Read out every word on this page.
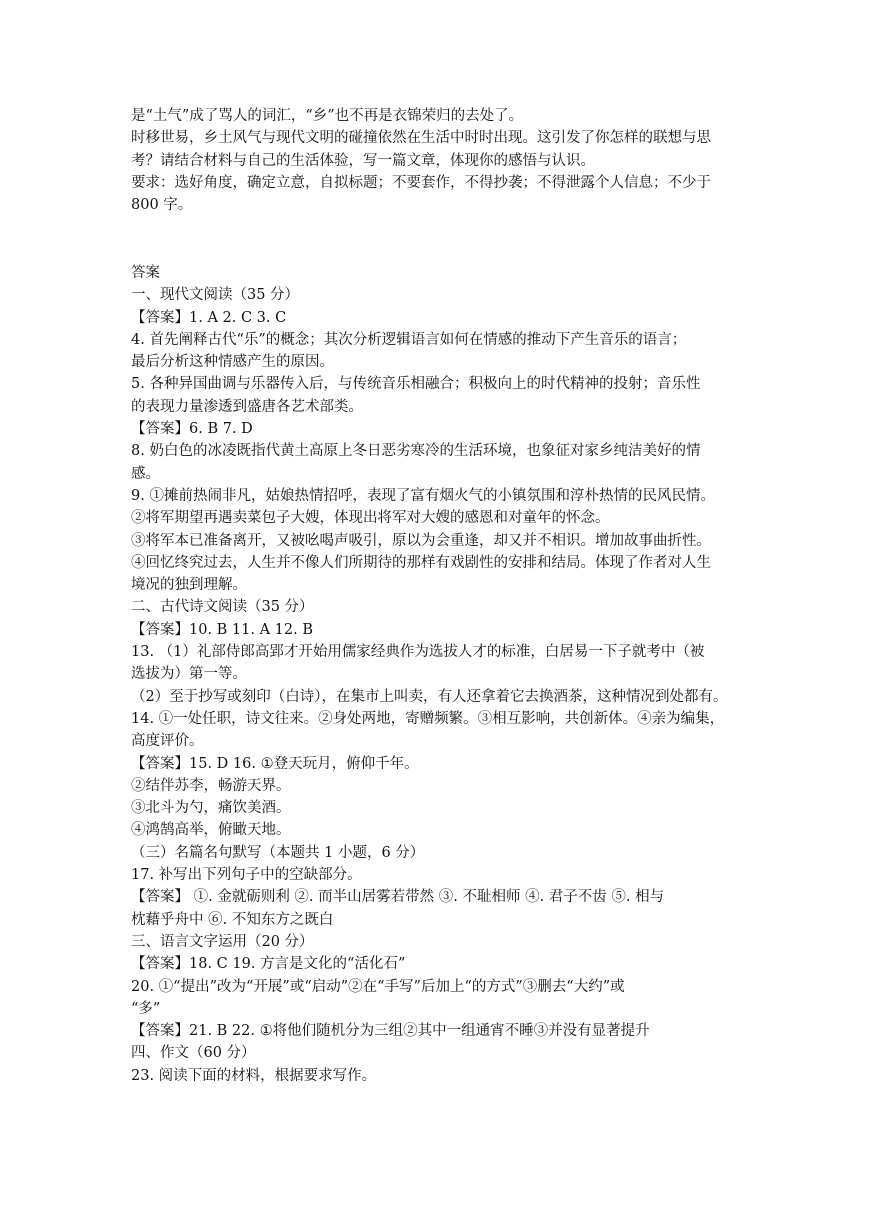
是“土气”成了骂人的词汇，“乡”也不再是衣锦荣归的去处了。
时移世易，乡土风气与现代文明的碰撞依然在生活中时时出现。这引发了你怎样的联想与思
考？请结合材料与自己的生活体验，写一篇文章，体现你的感悟与认识。
要求：选好角度，确定立意，自拟标题；不要套作，不得抄袭；不得泄露个人信息；不少于
800 字。
答案
一、现代文阅读（35 分）
【答案】1. A 2. C 3. C
4. 首先阐释古代“乐”的概念；其次分析逻辑语言如何在情感的推动下产生音乐的语言；
最后分析这种情感产生的原因。
5. 各种异国曲调与乐器传入后，与传统音乐相融合；积极向上的时代精神的投射；音乐性
的表现力量渗透到盛唐各艺术部类。
【答案】6. B 7. D
8. 奶白色的冰凌既指代黄土高原上冬日恶劣寒冷的生活环境，也象征对家乡纯洁美好的情
感。
9. ①摊前热闹非凡，姑娘热情招呼，表现了富有烟火气的小镇氛围和淳朴热情的民风民情。
②将军期望再遇卖菜包子大嫂，体现出将军对大嫂的感恩和对童年的怀念。
③将军本已准备离开，又被吆喝声吸引，原以为会重逢，却又并不相识。增加故事曲折性。
④回忆终究过去，人生并不像人们所期待的那样有戏剧性的安排和结局。体现了作者对人生
境况的独到理解。
二、古代诗文阅读（35 分）
【答案】10. B 11. A 12. B
13. （1）礼部侍郎高郢才开始用儒家经典作为选拔人才的标准，白居易一下子就考中（被
选拔为）第一等。
（2）至于抄写或刻印（白诗），在集市上叫卖，有人还拿着它去换酒茶，这种情况到处都有。
14. ①一处任职，诗文往来。②身处两地，寄赠频繁。③相互影响，共创新体。④亲为编集，
高度评价。
【答案】15. D 16. ①登天玩月，俯仰千年。
②结伴苏李，畅游天界。
③北斗为勺，痛饮美酒。
④鸿鹄高举，俯瞰天地。
（三）名篇名句默写（本题共 1 小题，6 分）
17. 补写出下列句子中的空缺部分。
【答案】 ①. 金就砺则利 ②. 而半山居雾若带然 ③. 不耻相师 ④. 君子不齿 ⑤. 相与
枕藉乎舟中 ⑥. 不知东方之既白
三、语言文字运用（20 分）
【答案】18. C 19. 方言是文化的“活化石”
20. ①“提出”改为“开展”或“启动”②在“手写”后加上“的方式”③删去“大约”或
“多”
【答案】21. B 22. ①将他们随机分为三组②其中一组通宵不睡③并没有显著提升
四、作文（60 分）
23. 阅读下面的材料，根据要求写作。
